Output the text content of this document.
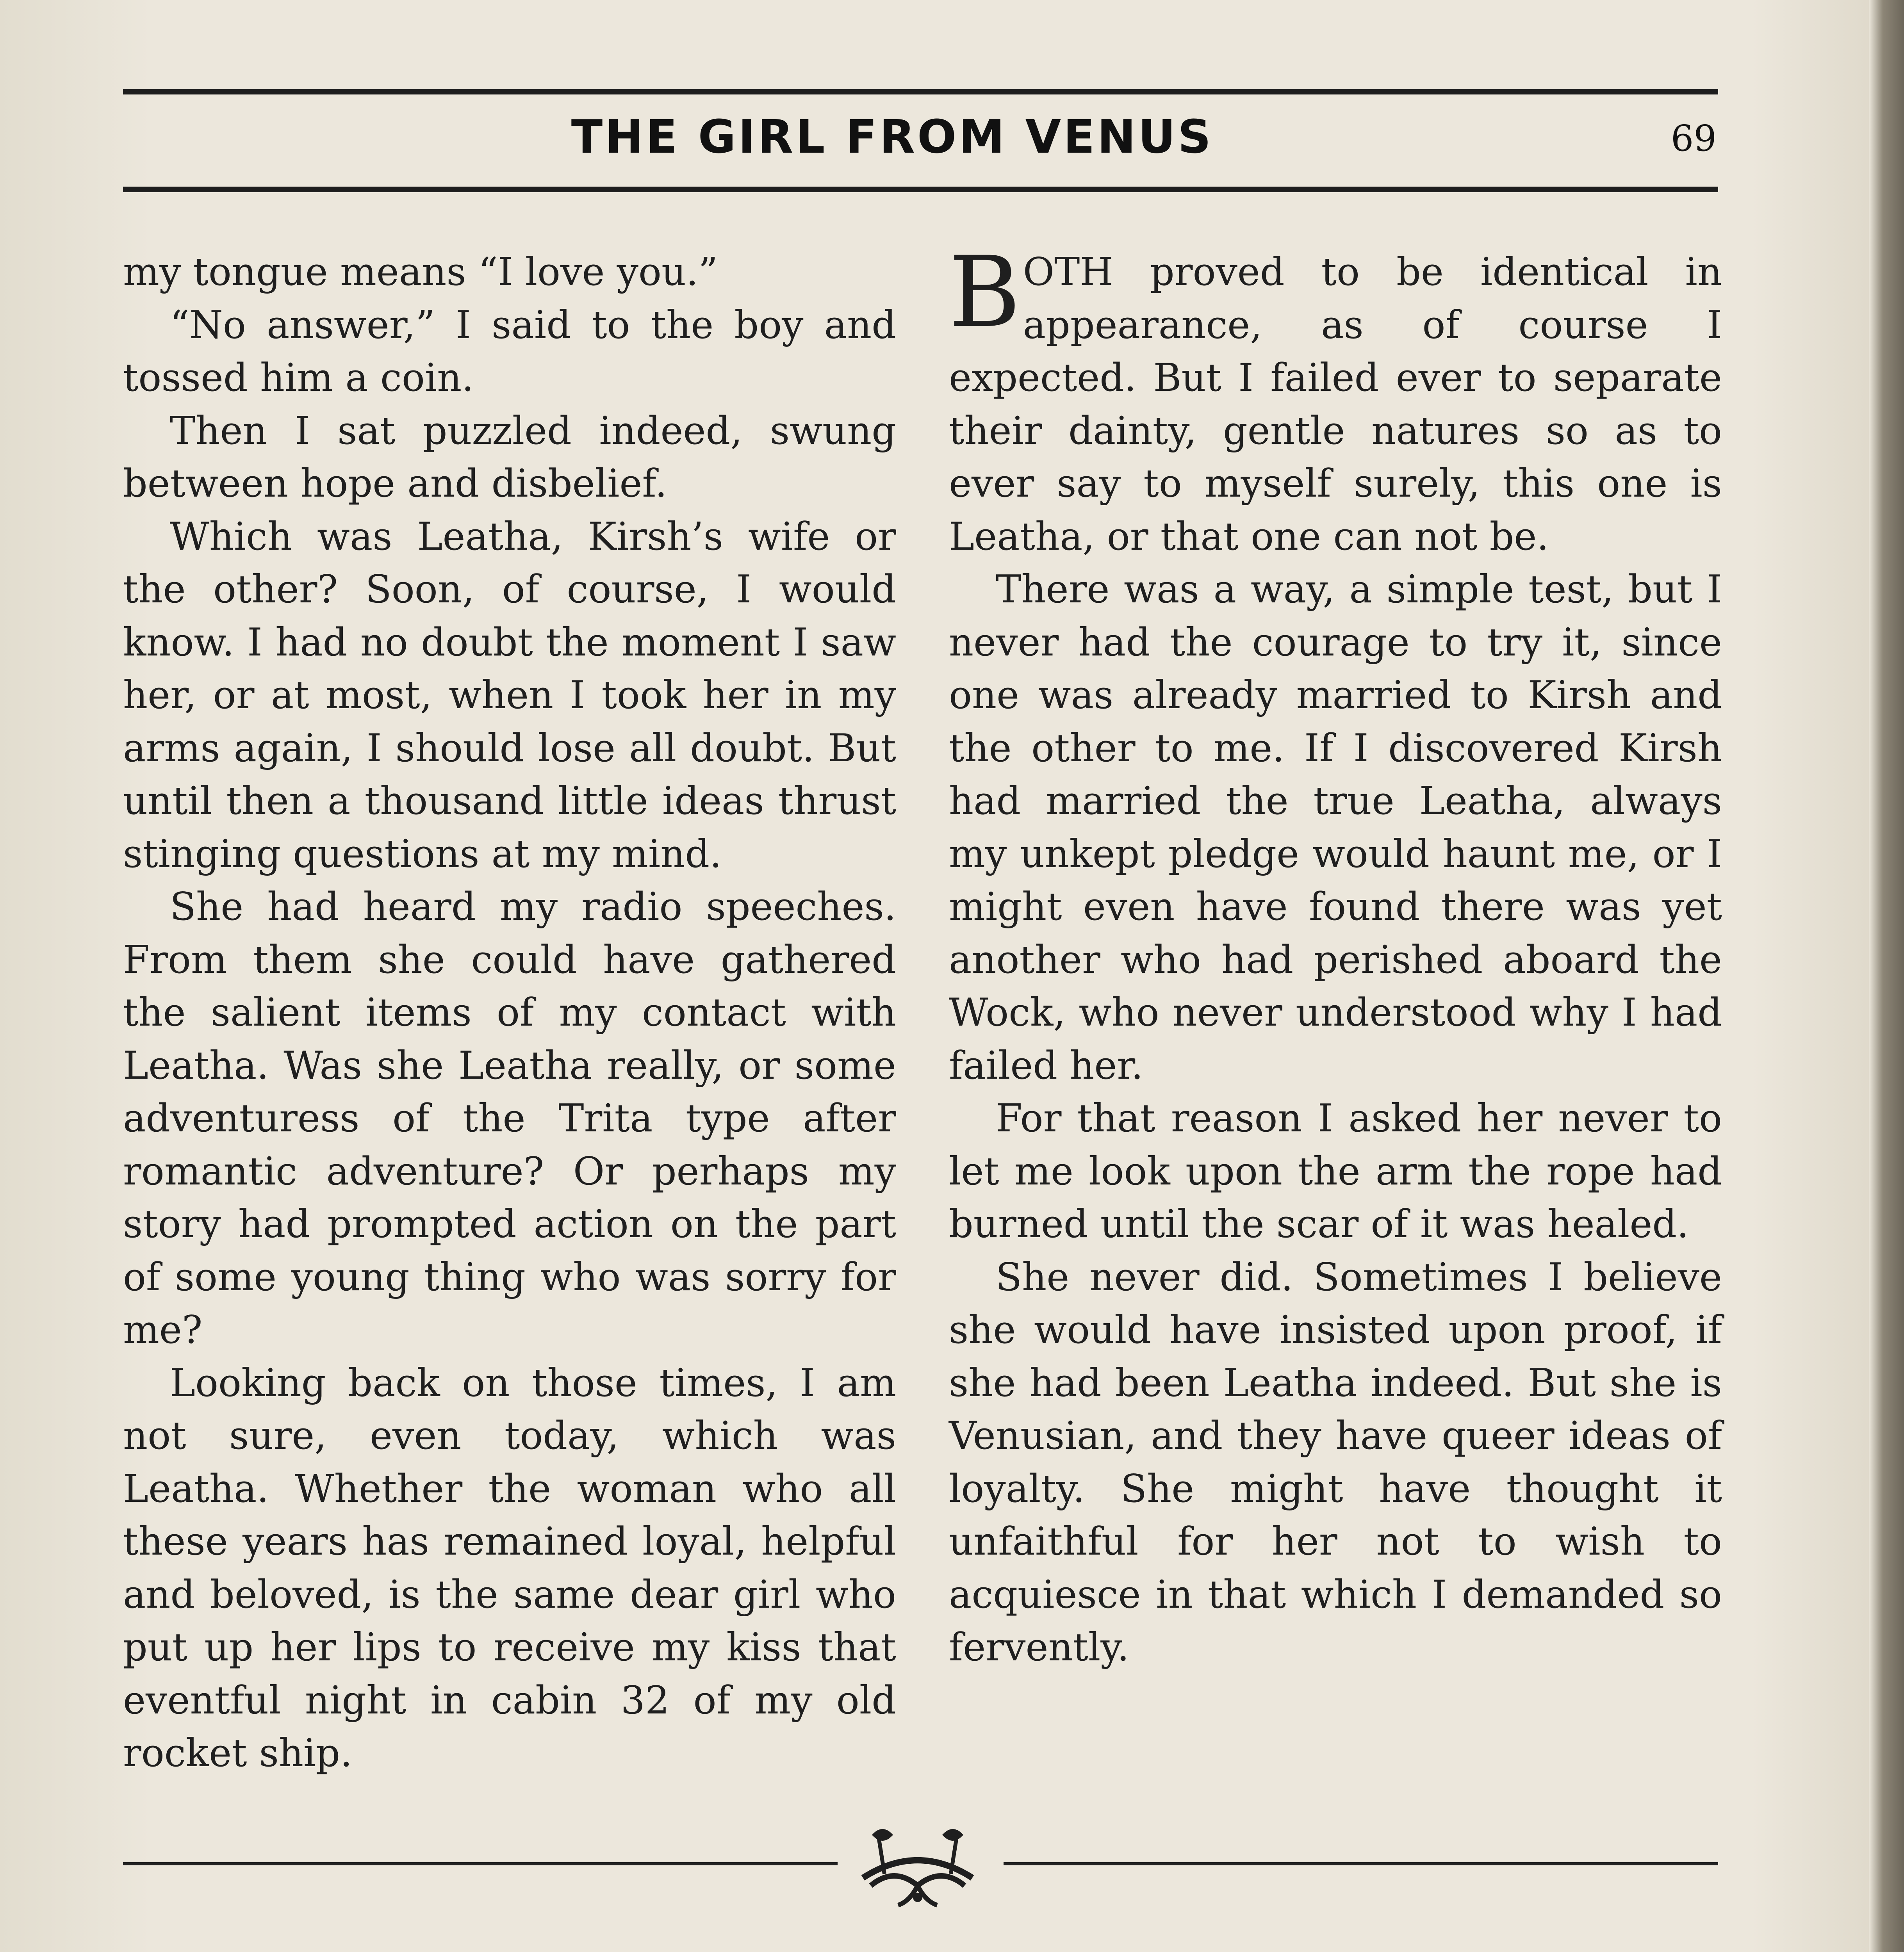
THE GIRL FROM VENUS	69

my tongue means “I love you.”

“No answer,” I said to the boy and tossed him a coin.

Then I sat puzzled indeed, swung between hope and disbelief.

Which was Leatha, Kirsh’s wife or the other? Soon, of course, I would know. I had no doubt the moment I saw her, or at most, when I took her in my arms again, I should lose all doubt. But until then a thousand little ideas thrust stinging questions at my mind.

She had heard my radio speeches. From them she could have gathered the salient items of my contact with Leatha. Was she Leatha really, or some adventuress of the Trita type after romantic adventure? Or perhaps my story had prompted action on the part of some young thing who was sorry for me?

Looking back on those times, I am not sure, even today, which was Leatha. Whether the woman who all these years has remained loyal, helpful and beloved, is the same dear girl who put up her lips to receive my kiss that eventful night in cabin 32 of my old rocket ship.

BOTH proved to be identical in appearance, as of course I expected. But I failed ever to separate their dainty, gentle natures so as to ever say to myself surely, this one is Leatha, or that one can not be.

There was a way, a simple test, but I never had the courage to try it, since one was already married to Kirsh and the other to me. If I discovered Kirsh had married the true Leatha, always my unkept pledge would haunt me, or I might even have found there was yet another who had perished aboard the Wock, who never understood why I had failed her.

For that reason I asked her never to let me look upon the arm the rope had burned until the scar of it was healed.

She never did. Sometimes I believe she would have insisted upon proof, if she had been Leatha indeed. But she is Venusian, and they have queer ideas of loyalty. She might have thought it unfaithful for her not to wish to acquiesce in that which I demanded so fervently.
